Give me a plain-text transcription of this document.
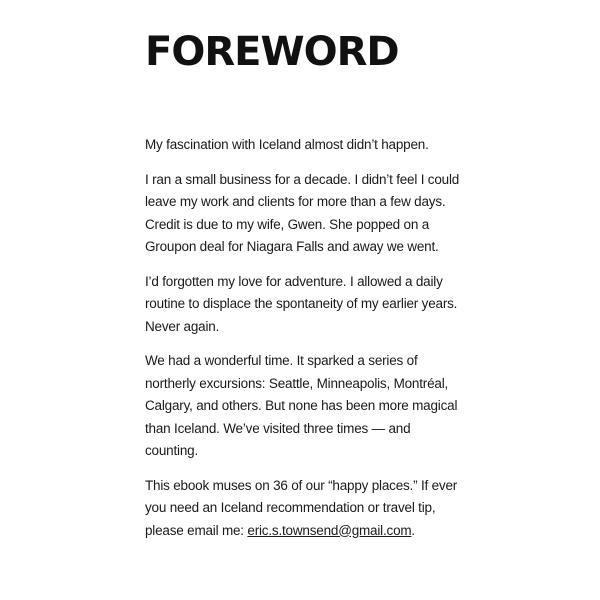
FOREWORD

My fascination with Iceland almost didn’t happen.

I ran a small business for a decade. I didn’t feel I could leave my work and clients for more than a few days. Credit is due to my wife, Gwen. She popped on a Groupon deal for Niagara Falls and away we went.

I’d forgotten my love for adventure. I allowed a daily routine to displace the spontaneity of my earlier years. Never again.

We had a wonderful time. It sparked a series of northerly excursions: Seattle, Minneapolis, Montréal, Calgary, and others. But none has been more magical than Iceland. We’ve visited three times — and counting.

This ebook muses on 36 of our “happy places.” If ever you need an Iceland recommendation or travel tip, please email me: eric.s.townsend@gmail.com.
